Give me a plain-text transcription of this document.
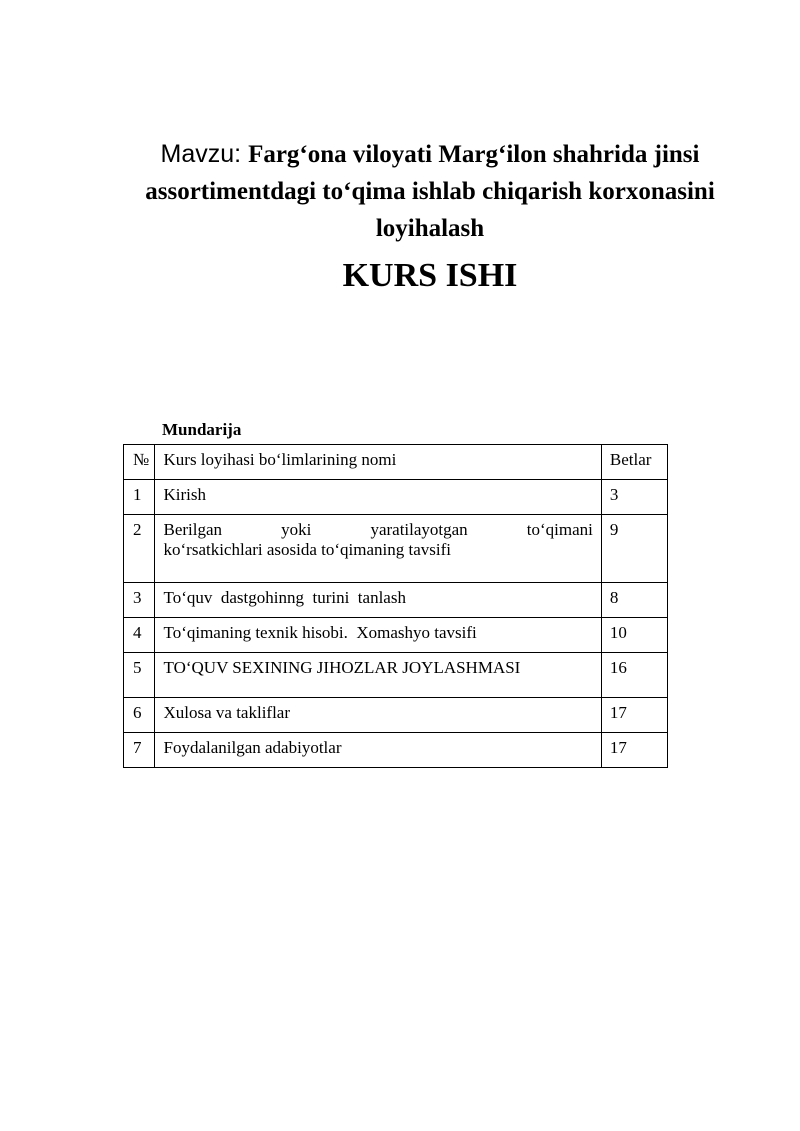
Mavzu: Farg‘ona viloyati Marg‘ilon shahrida jinsi assortimentdagi to‘qima ishlab chiqarish korxonasini loyihalash
KURS ISHI

Mundarija

№	Kurs loyihasi bo‘limlarining nomi	Betlar
1	Kirish	3
2	Berilgan yoki yaratilayotgan to‘qimani
ko‘rsatkichlari asosida to‘qimaning tavsifi	9
3	To‘quv  dastgohinng  turini  tanlash	8
4	To‘qimaning texnik hisobi.  Xomashyo tavsifi	10
5	TO‘QUV SEXINING JIHOZLAR JOYLASHMASI	16
6	Xulosa va takliflar	17
7	Foydalanilgan adabiyotlar	17
